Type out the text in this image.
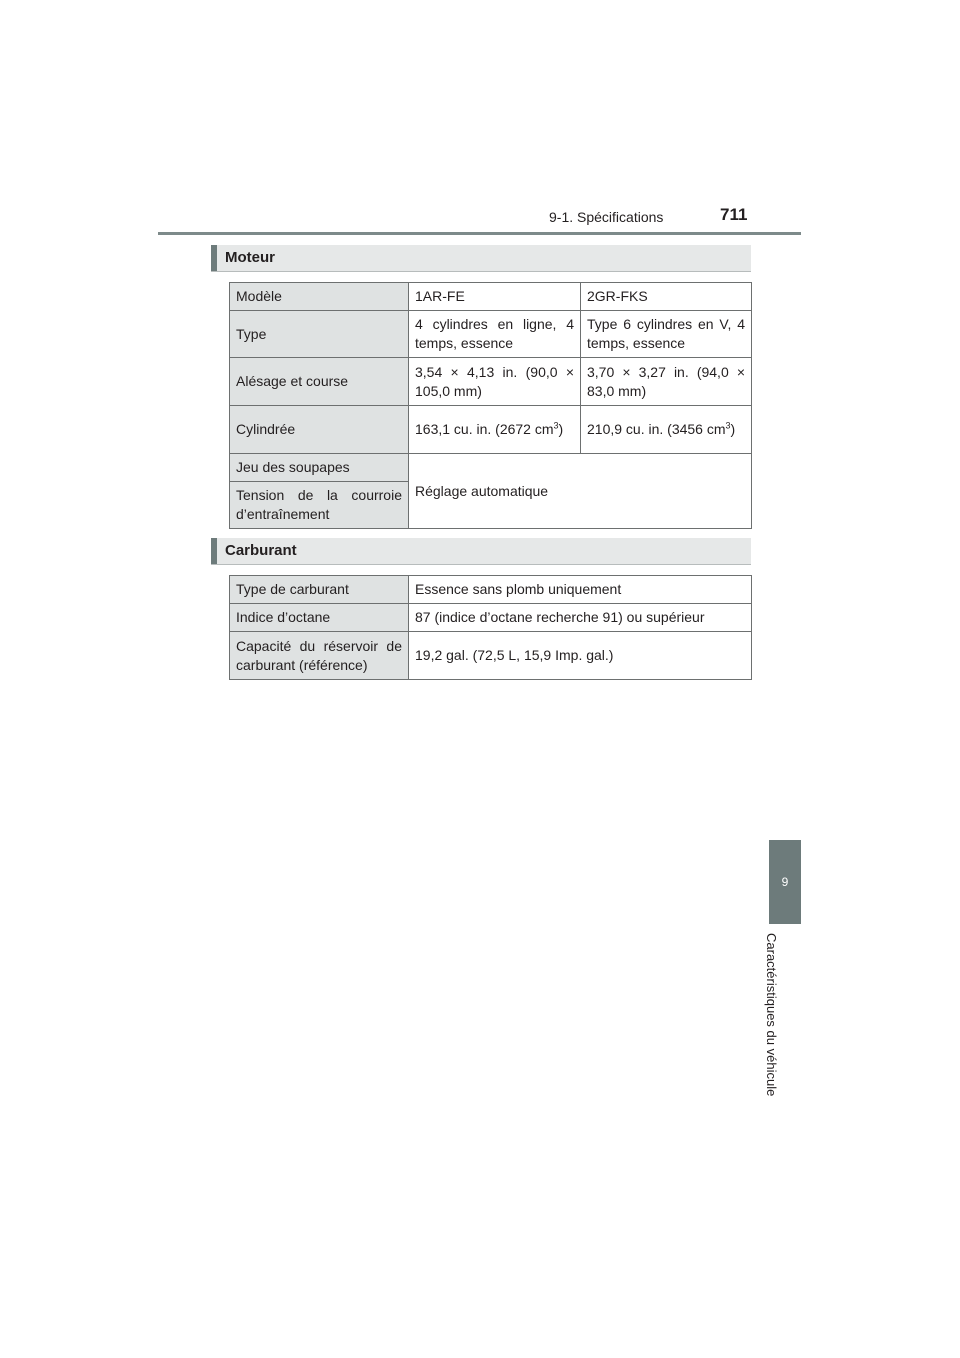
9-1. Spécifications	711
Moteur
Modèle	1AR-FE	2GR-FKS
Type	4 cylindres en ligne, 4 temps, essence	Type 6 cylindres en V, 4 temps, essence
Alésage et course	3,54 × 4,13 in. (90,0 × 105,0 mm)	3,70 × 3,27 in. (94,0 × 83,0 mm)
Cylindrée	163,1 cu. in. (2672 $cm^3$)	210,9 cu. in. (3456 $cm^3$)
Jeu des soupapes	Réglage automatique	
Tension de la courroie d’entraînement		
Carburant
Type de carburant	Essence sans plomb uniquement
Indice d’octane	87 (indice d’octane recherche 91) ou supérieur
Capacité du réservoir de carburant (référence)	19,2 gal. (72,5 L, 15,9 Imp. gal.)
9
Caractéristiques du véhicule
